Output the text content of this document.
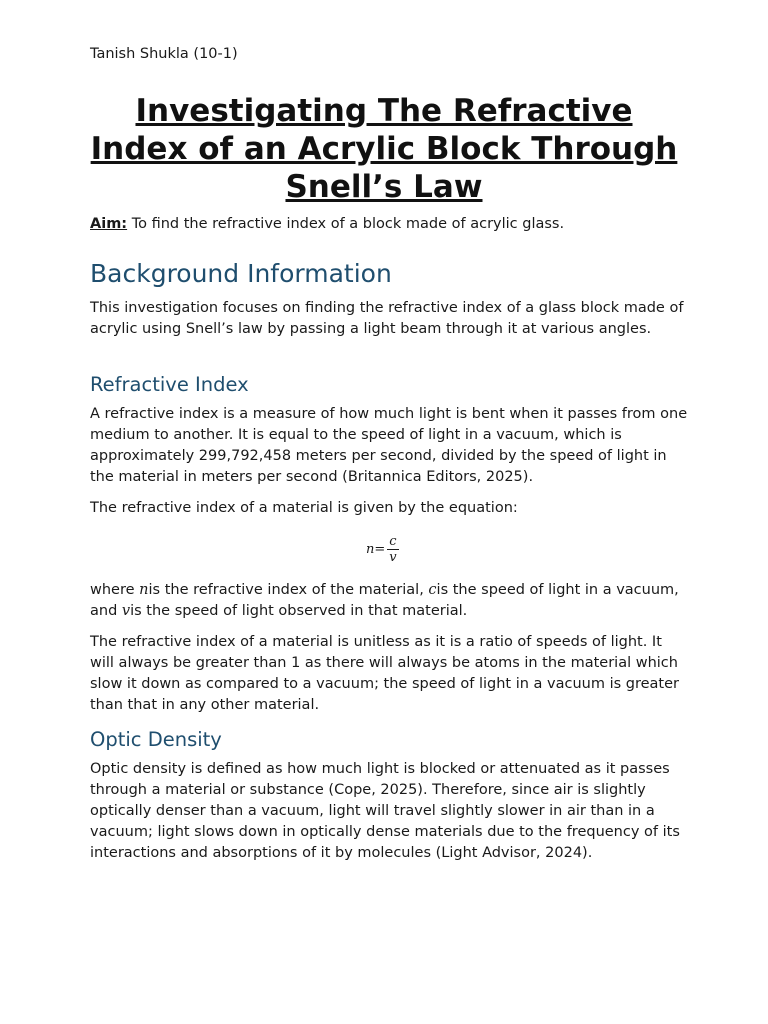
Tanish Shukla (10-1)
Investigating The Refractive Index of an Acrylic Block Through Snell’s Law
Aim: To find the refractive index of a block made of acrylic glass.
Background Information
This investigation focuses on finding the refractive index of a glass block made of acrylic using Snell’s law by passing a light beam through it at various angles.
Refractive Index
A refractive index is a measure of how much light is bent when it passes from one medium to another. It is equal to the speed of light in a vacuum, which is approximately 299,792,458 meters per second, divided by the speed of light in the material in meters per second (Britannica Editors, 2025).
The refractive index of a material is given by the equation:
$n = \frac{c}{v}$
where nis the refractive index of the material, cis the speed of light in a vacuum, and vis the speed of light observed in that material.
The refractive index of a material is unitless as it is a ratio of speeds of light. It will always be greater than 1 as there will always be atoms in the material which slow it down as compared to a vacuum; the speed of light in a vacuum is greater than that in any other material.
Optic Density
Optic density is defined as how much light is blocked or attenuated as it passes through a material or substance (Cope, 2025). Therefore, since air is slightly optically denser than a vacuum, light will travel slightly slower in air than in a vacuum; light slows down in optically dense materials due to the frequency of its interactions and absorptions of it by molecules (Light Advisor, 2024).
